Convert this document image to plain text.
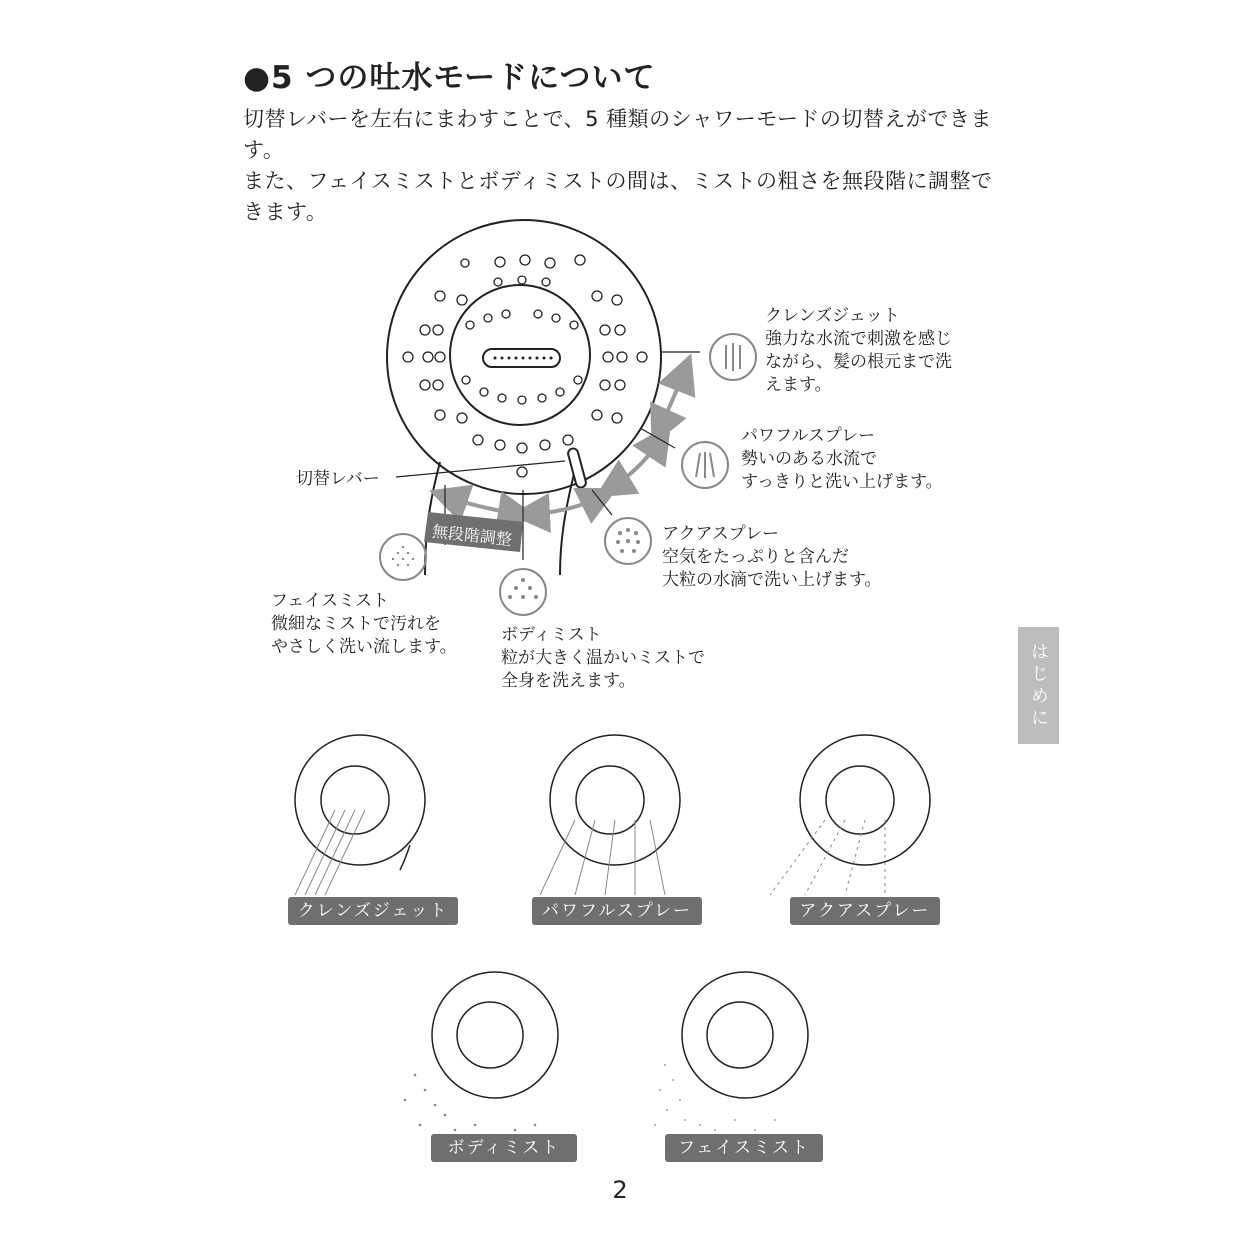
●5 つの吐水モードについて

切替レバーを左右にまわすことで、5 種類のシャワーモードの切替えができます。

また、フェイスミストとボディミストの間は、ミストの粗さを無段階に調整できます。

切替レバー
無段階調整
クレンズジェット
強力な水流で刺激を感じ
ながら、髪の根元まで洗
えます。
パワフルスプレー
勢いのある水流で
すっきりと洗い上げます。
アクアスプレー
空気をたっぷりと含んだ
大粒の水滴で洗い上げます。
フェイスミスト
微細なミストで汚れを
やさしく洗い流します。
ボディミスト
粒が大きく温かいミストで
全身を洗えます。
クレンズジェット	パワフルスプレー	アクアスプレー
ボディミスト	フェイスミスト
はじめに
2
